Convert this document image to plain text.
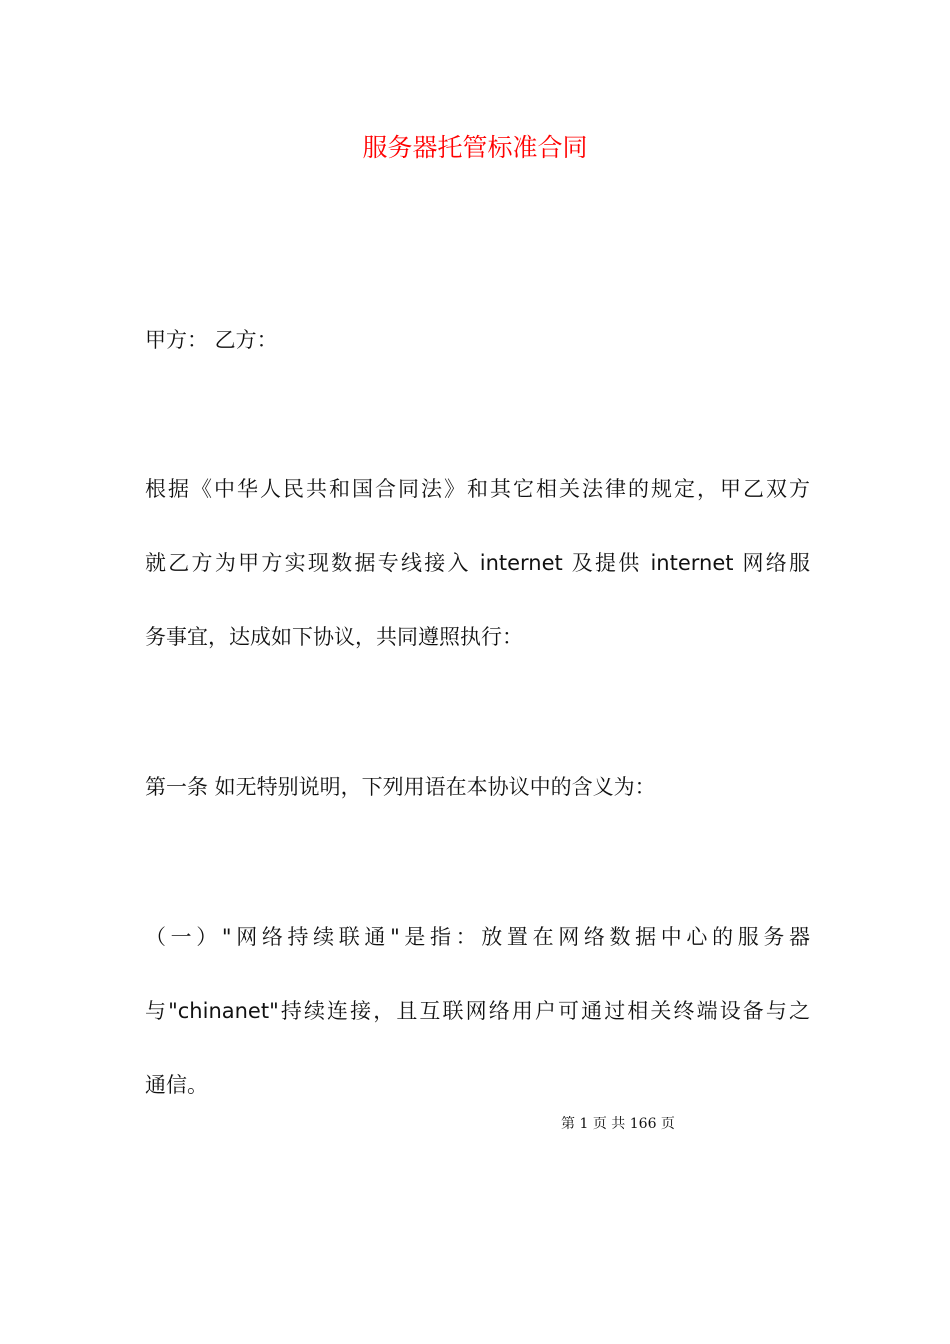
服务器托管标准合同
甲方： 乙方：
根据《中华人民共和国合同法》和其它相关法律的规定，甲乙双方
就乙方为甲方实现数据专线接入 internet 及提供 internet 网络服
务事宜，达成如下协议，共同遵照执行：
第一条 如无特别说明，下列用语在本协议中的含义为：
（一）"网络持续联通"是指：放置在网络数据中心的服务器
与"chinanet"持续连接，且互联网络用户可通过相关终端设备与之
通信。
第 1 页 共 166 页
